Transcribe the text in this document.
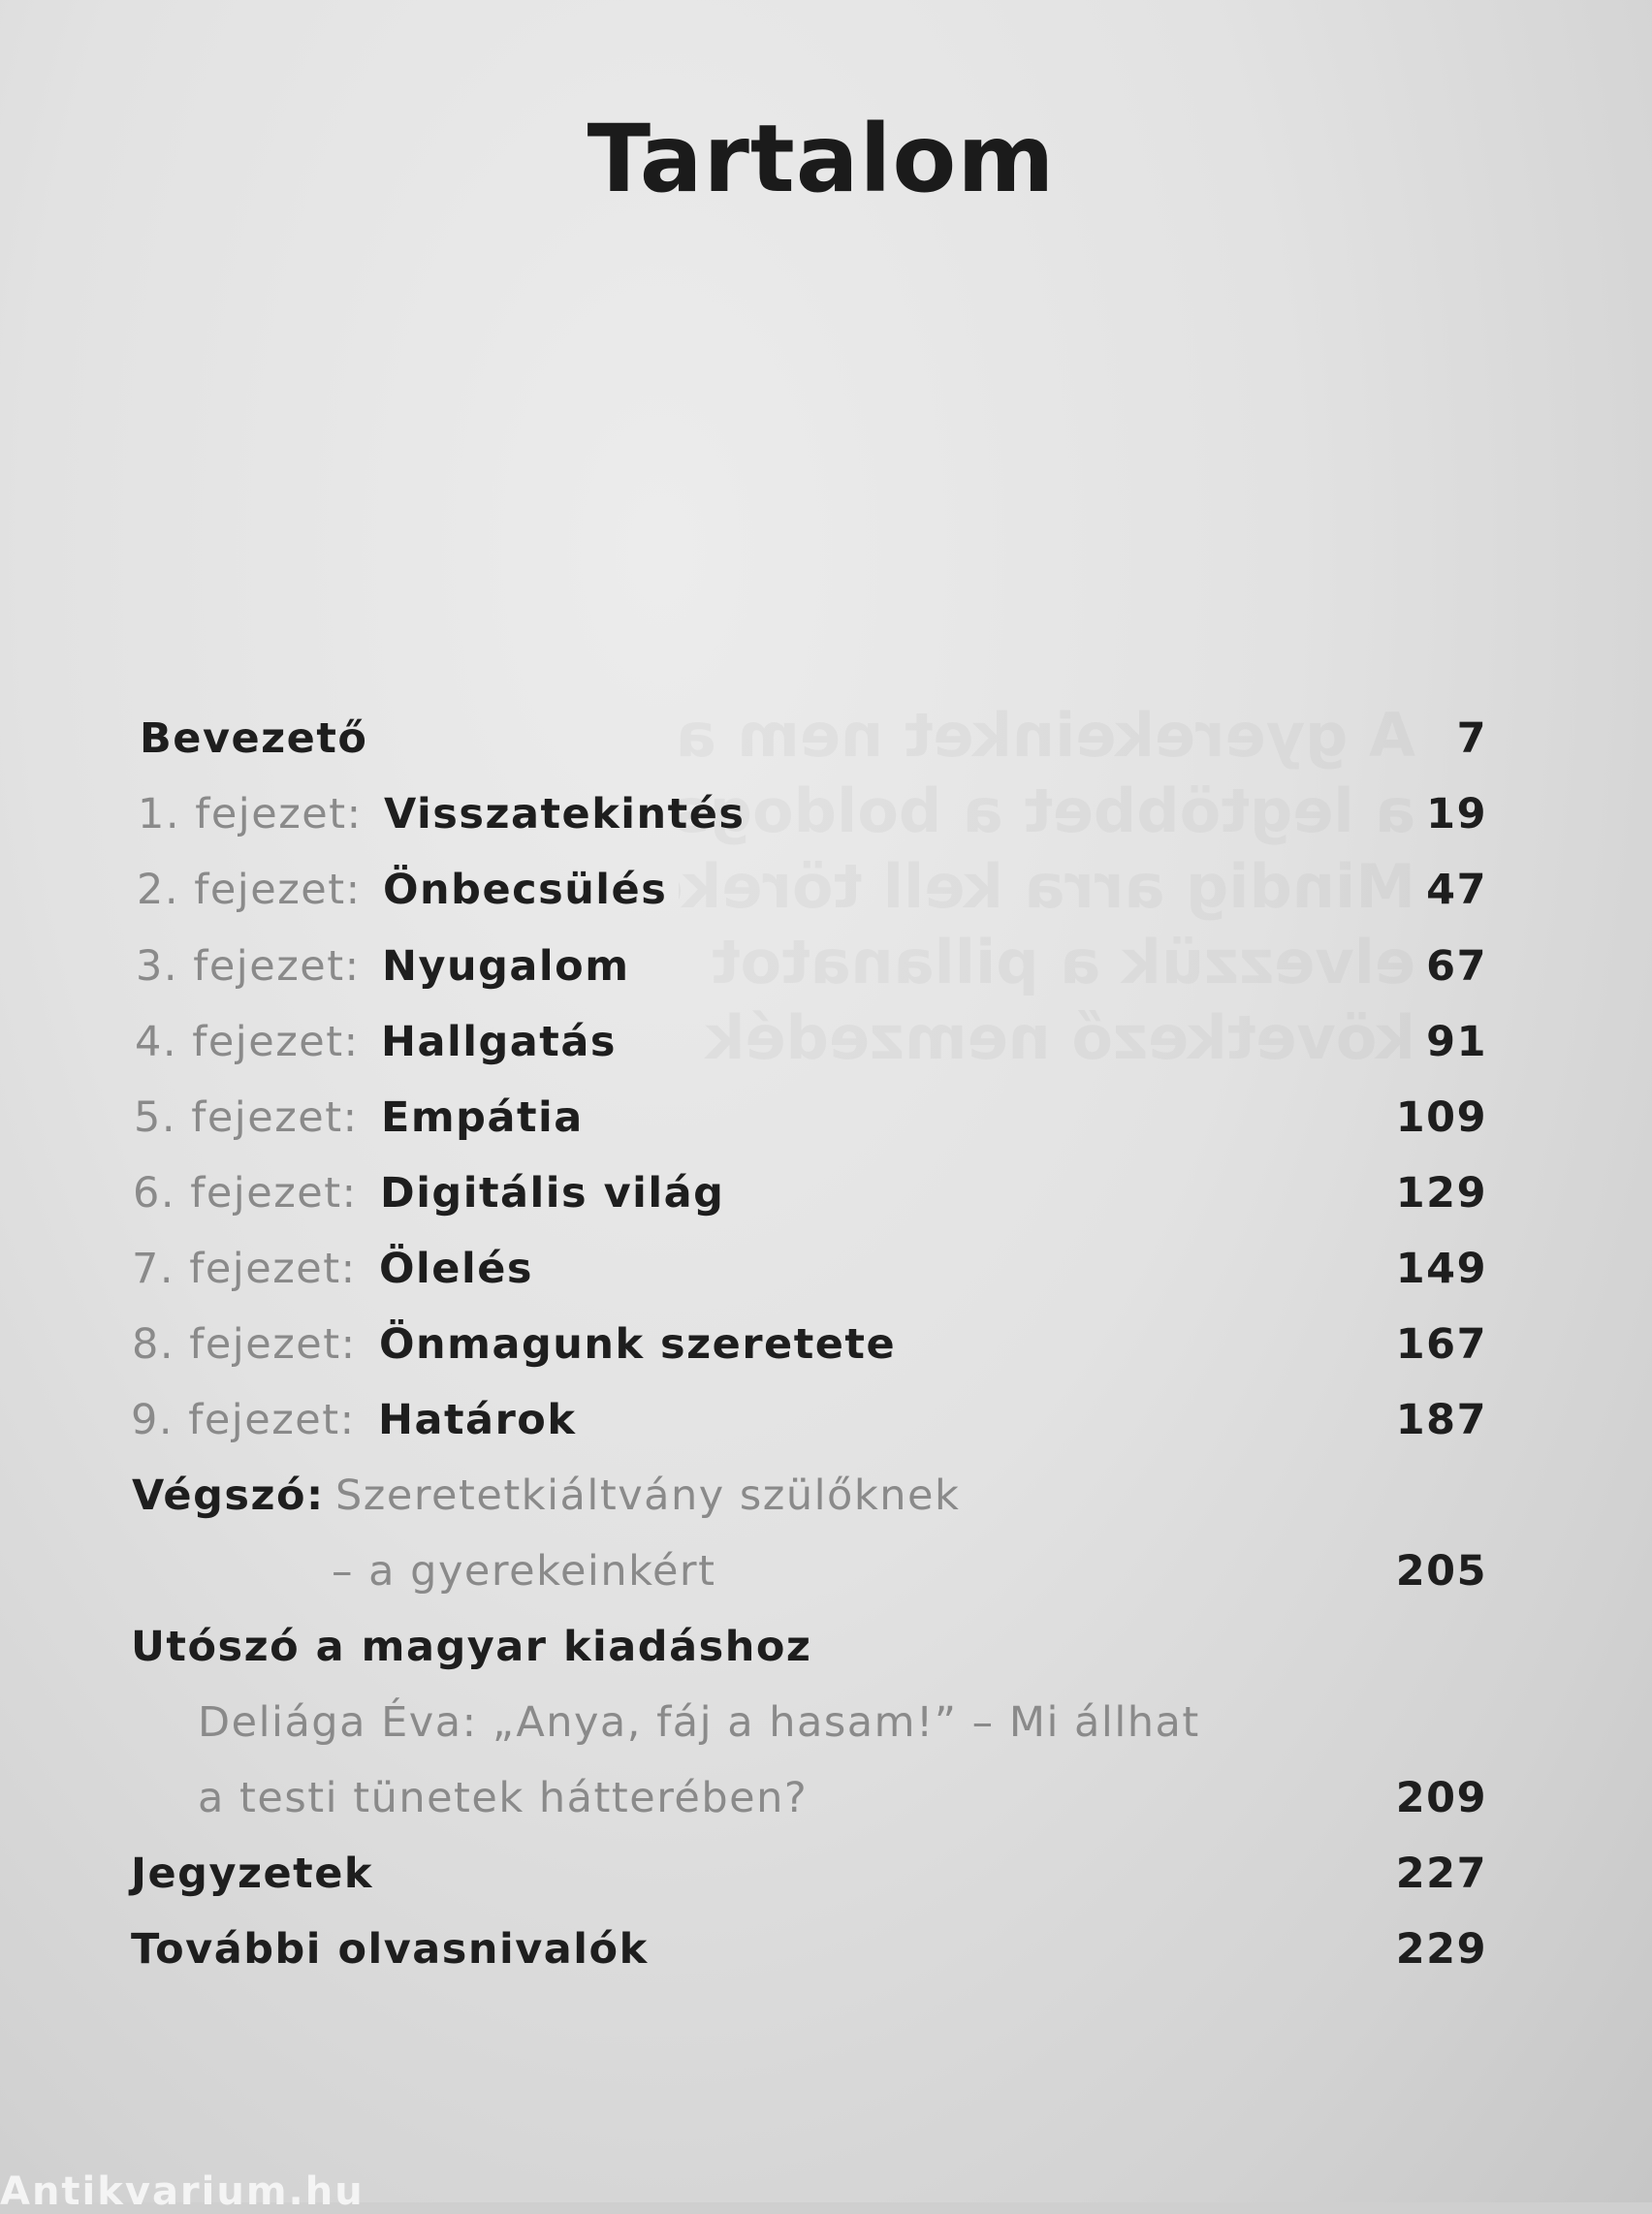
Tartalom
Bevezető	7
1. fejezet: Visszatekintés	19
2. fejezet: Önbecsülés	47
3. fejezet: Nyugalom	67
4. fejezet: Hallgatás	91
5. fejezet: Empátia	109
6. fejezet: Digitális világ	129
7. fejezet: Ölelés	149
8. fejezet: Önmagunk szeretete	167
9. fejezet: Határok	187
Végszó: Szeretetkiáltvány szülőknek
– a gyerekeinkért	205
Utószó a magyar kiadáshoz
Deliága Éva: „Anya, fáj a hasam!” – Mi állhat
a testi tünetek hátterében?	209
Jegyzetek	227
További olvasnivalók	229
Antikvarium.hu
